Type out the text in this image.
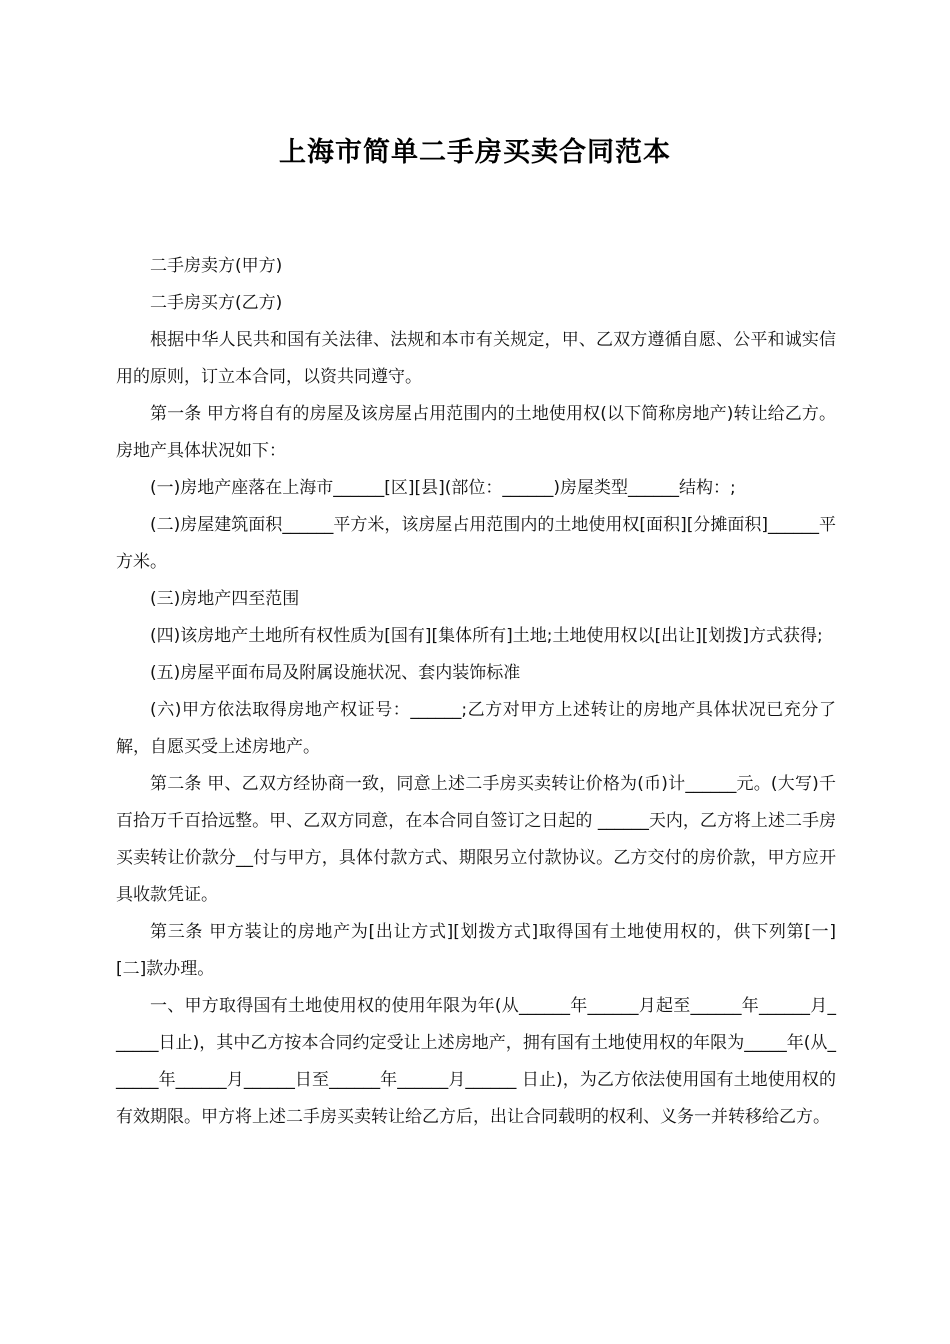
上海市简单二手房买卖合同范本

二手房卖方(甲方)

二手房买方(乙方)

根据中华人民共和国有关法律、法规和本市有关规定，甲、乙双方遵循自愿、公平和诚实信用的原则，订立本合同，以资共同遵守。

第一条 甲方将自有的房屋及该房屋占用范围内的土地使用权(以下简称房地产)转让给乙方。房地产具体状况如下：

(一)房地产座落在上海市______[区][县](部位：______)房屋类型______结构：;

(二)房屋建筑面积______平方米，该房屋占用范围内的土地使用权[面积][分摊面积]______平方米。

(三)房地产四至范围

(四)该房地产土地所有权性质为[国有][集体所有]土地;土地使用权以[出让][划拨]方式获得;

(五)房屋平面布局及附属设施状况、套内装饰标准

(六)甲方依法取得房地产权证号：______;乙方对甲方上述转让的房地产具体状况已充分了解，自愿买受上述房地产。

第二条 甲、乙双方经协商一致，同意上述二手房买卖转让价格为(币)计______元。(大写)千百拾万千百拾远整。甲、乙双方同意，在本合同自签订之日起的 ______天内，乙方将上述二手房买卖转让价款分__付与甲方，具体付款方式、期限另立付款协议。乙方交付的房价款，甲方应开具收款凭证。

第三条 甲方装让的房地产为[出让方式][划拨方式]取得国有土地使用权的，供下列第[一][二]款办理。

一、甲方取得国有土地使用权的使用年限为年(从______年______月起至______年______月______日止)，其中乙方按本合同约定受让上述房地产，拥有国有土地使用权的年限为_____年(从______年______月______日至______年______月______ 日止)，为乙方依法使用国有土地使用权的有效期限。甲方将上述二手房买卖转让给乙方后，出让合同载明的权利、义务一并转移给乙方。
